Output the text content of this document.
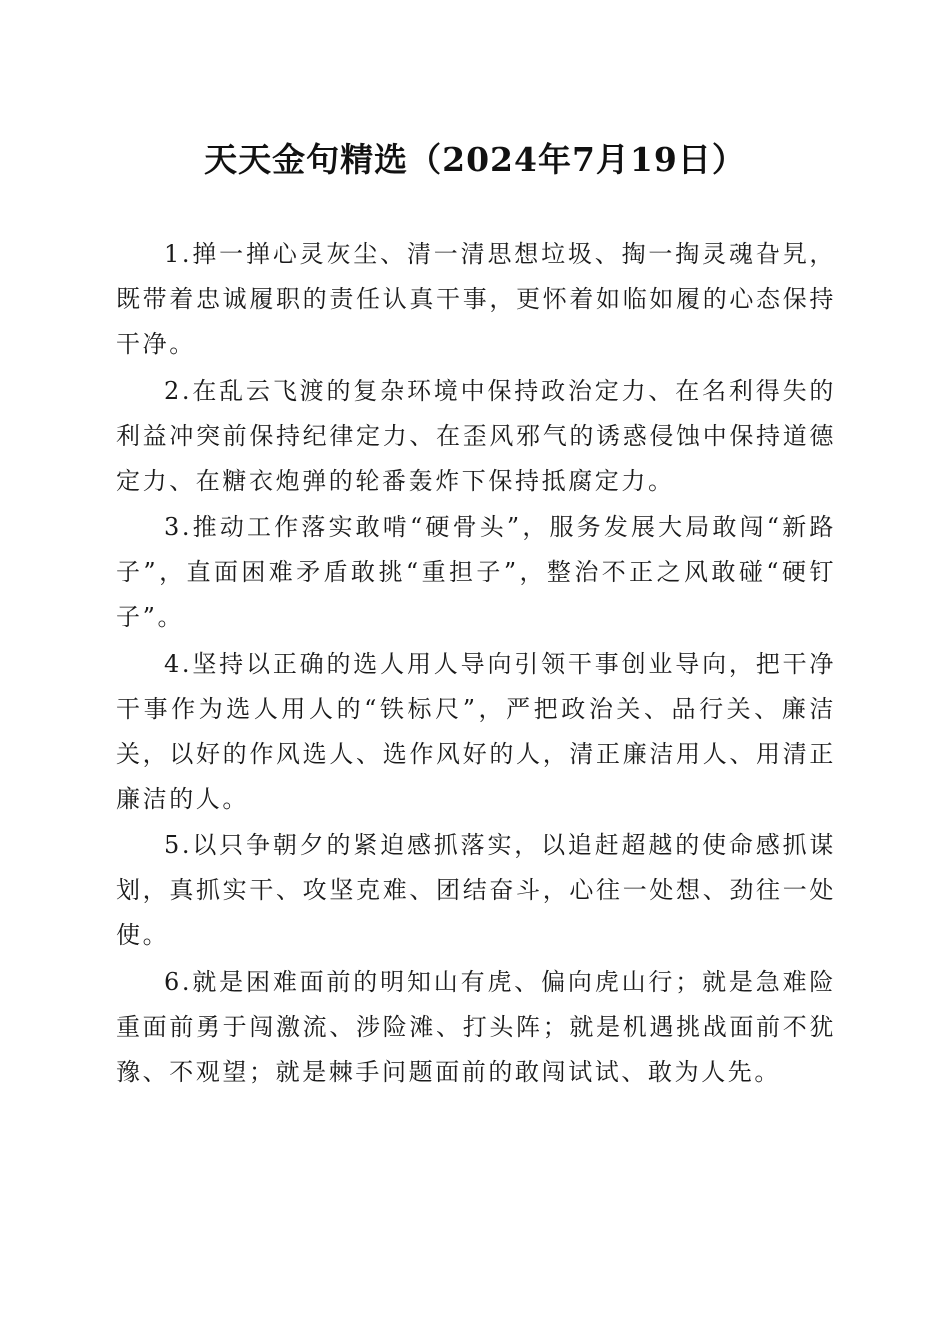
天天金句精选（2024年7月19日）

1.掸一掸心灵灰尘、清一清思想垃圾、掏一掏灵魂旮旯，既带着忠诚履职的责任认真干事，更怀着如临如履的心态保持干净。

2.在乱云飞渡的复杂环境中保持政治定力、在名利得失的利益冲突前保持纪律定力、在歪风邪气的诱惑侵蚀中保持道德定力、在糖衣炮弹的轮番轰炸下保持抵腐定力。

3.推动工作落实敢啃“硬骨头”，服务发展大局敢闯“新路子”，直面困难矛盾敢挑“重担子”，整治不正之风敢碰“硬钉子”。

4.坚持以正确的选人用人导向引领干事创业导向，把干净干事作为选人用人的“铁标尺”，严把政治关、品行关、廉洁关，以好的作风选人、选作风好的人，清正廉洁用人、用清正廉洁的人。

5.以只争朝夕的紧迫感抓落实，以追赶超越的使命感抓谋划，真抓实干、攻坚克难、团结奋斗，心往一处想、劲往一处使。

6.就是困难面前的明知山有虎、偏向虎山行；就是急难险重面前勇于闯激流、涉险滩、打头阵；就是机遇挑战面前不犹豫、不观望；就是棘手问题面前的敢闯试试、敢为人先。
